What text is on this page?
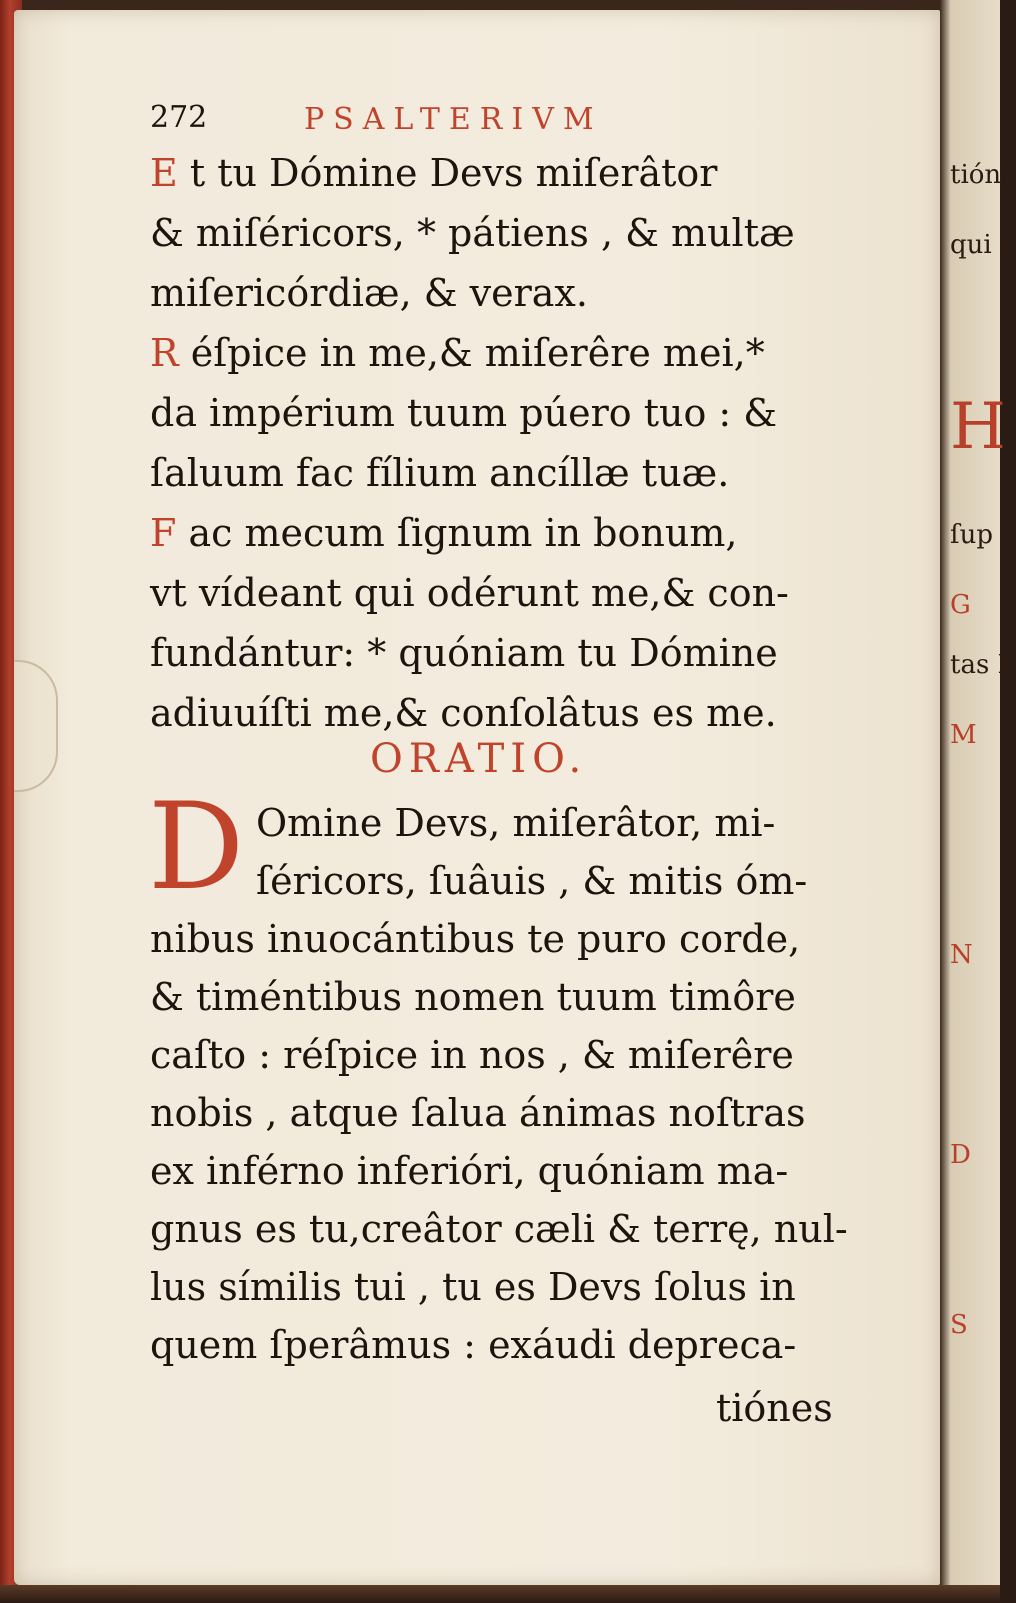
272	PSALTERIVM
E t tu Dómine Devs miſerâtor
& miſéricors, * pátiens , & multæ
miſericórdiæ, & verax.
R éſpice in me,& miſerêre mei,*
da impérium tuum púero tuo : &
ſaluum fac fílium ancíllæ tuæ.
F ac mecum ſignum in bonum,
vt vídeant qui odérunt me,& con-
fundántur: * quóniam tu Dómine
adiuuíſti me,& conſolâtus es me.
ORATIO.
D Omine Devs, miſerâtor, mi-
ſéricors, ſuâuis , & mitis óm-
nibus inuocántibus te puro corde,
& timéntibus nomen tuum timôre
caſto : réſpice in nos , & miſerêre
nobis , atque ſalua ánimas noſtras
ex inférno inferióri, quóniam ma-
gnus es tu,creâtor cæli & terrę, nul-
lus símilis tui , tu es Devs ſolus in
quem ſperâmus : exáudi depreca-
tiónes
tiónc
qui c
H
ſup
G
tas I
M
N
D
S
